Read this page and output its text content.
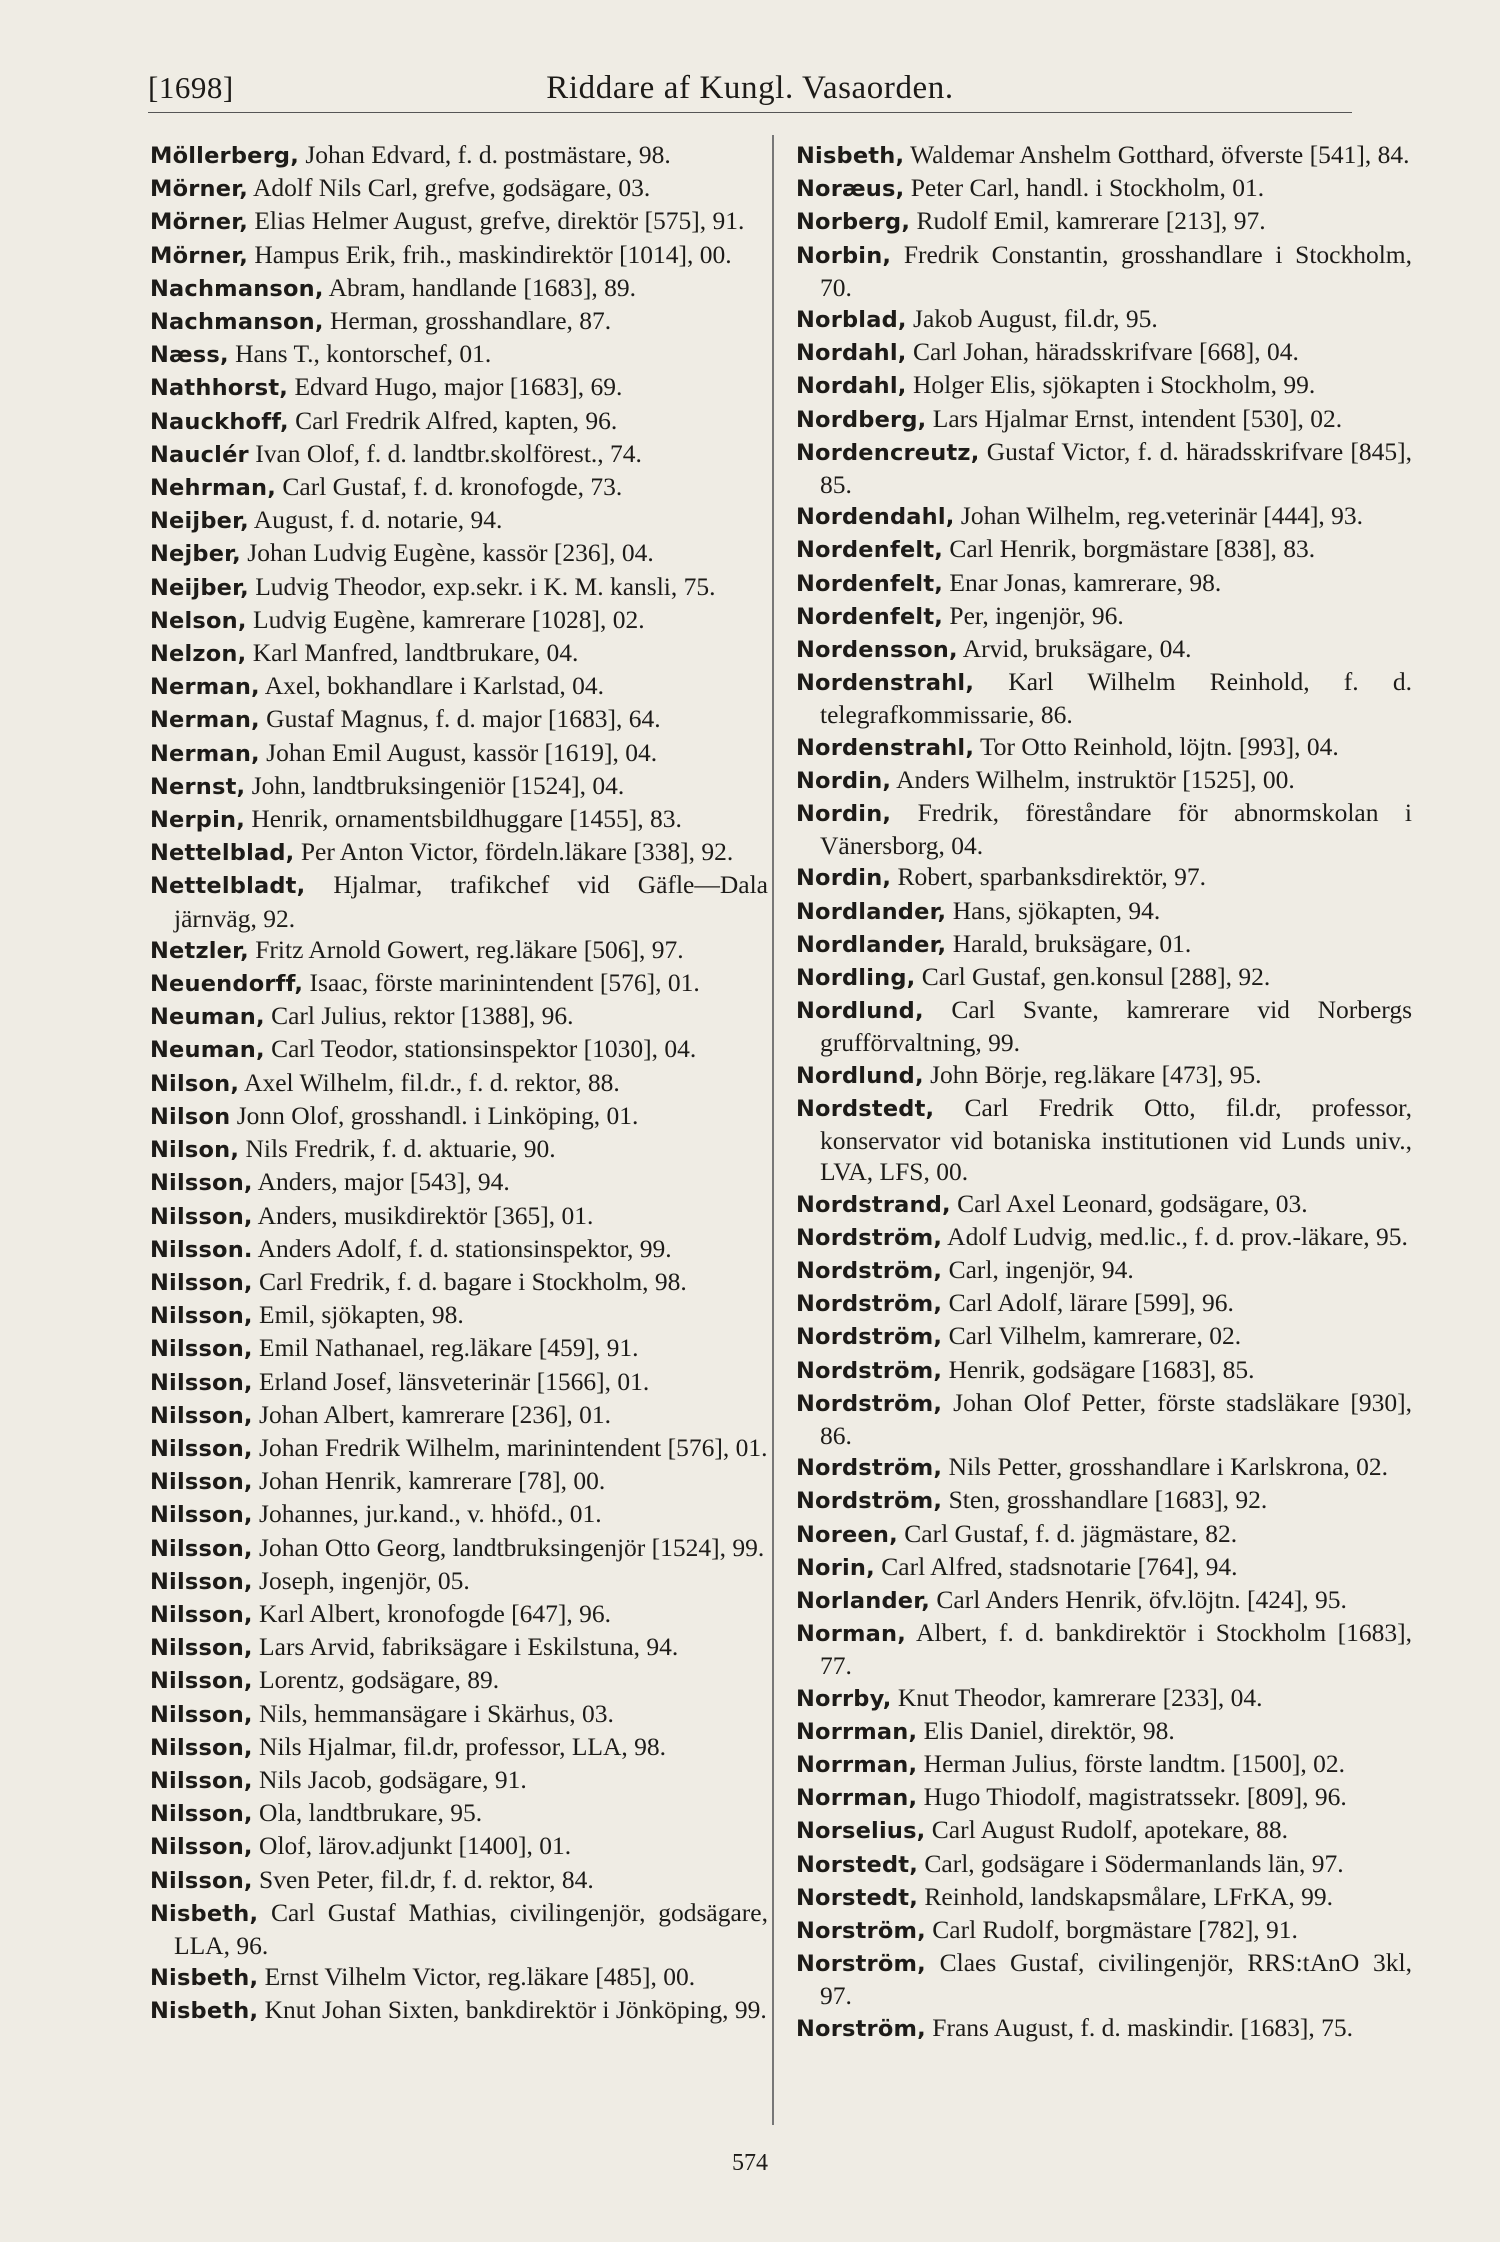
[1698]	Riddare af Kungl. Vasaorden.

Möllerberg, Johan Edvard, f. d. postmästare, 98.

Mörner, Adolf Nils Carl, grefve, godsägare, 03.

Mörner, Elias Helmer August, grefve, direktör [575], 91.

Mörner, Hampus Erik, frih., maskindirektör [1014], 00.

Nachmanson, Abram, handlande [1683], 89.

Nachmanson, Herman, grosshandlare, 87.

Næss, Hans T., kontorschef, 01.

Nathhorst, Edvard Hugo, major [1683], 69.

Nauckhoff, Carl Fredrik Alfred, kapten, 96.

Nauclér Ivan Olof, f. d. landtbr.skolförest., 74.

Nehrman, Carl Gustaf, f. d. kronofogde, 73.

Neijber, August, f. d. notarie, 94.

Nejber, Johan Ludvig Eugène, kassör [236], 04.

Neijber, Ludvig Theodor, exp.sekr. i K. M. kansli, 75.

Nelson, Ludvig Eugène, kamrerare [1028], 02.

Nelzon, Karl Manfred, landtbrukare, 04.

Nerman, Axel, bokhandlare i Karlstad, 04.

Nerman, Gustaf Magnus, f. d. major [1683], 64.

Nerman, Johan Emil August, kassör [1619], 04.

Nernst, John, landtbruksingeniör [1524], 04.

Nerpin, Henrik, ornamentsbildhuggare [1455], 83.

Nettelblad, Per Anton Victor, fördeln.läkare [338], 92.

Nettelbladt, Hjalmar, trafikchef vid Gäfle—Dala järnväg, 92.

Netzler, Fritz Arnold Gowert, reg.läkare [506], 97.

Neuendorff, Isaac, förste marinintendent [576], 01.

Neuman, Carl Julius, rektor [1388], 96.

Neuman, Carl Teodor, stationsinspektor [1030], 04.

Nilson, Axel Wilhelm, fil.dr., f. d. rektor, 88.

Nilson Jonn Olof, grosshandl. i Linköping, 01.

Nilson, Nils Fredrik, f. d. aktuarie, 90.

Nilsson, Anders, major [543], 94.

Nilsson, Anders, musikdirektör [365], 01.

Nilsson. Anders Adolf, f. d. stationsinspektor, 99.

Nilsson, Carl Fredrik, f. d. bagare i Stockholm, 98.

Nilsson, Emil, sjökapten, 98.

Nilsson, Emil Nathanael, reg.läkare [459], 91.

Nilsson, Erland Josef, länsveterinär [1566], 01.

Nilsson, Johan Albert, kamrerare [236], 01.

Nilsson, Johan Fredrik Wilhelm, marinintendent [576], 01.

Nilsson, Johan Henrik, kamrerare [78], 00.

Nilsson, Johannes, jur.kand., v. hhöfd., 01.

Nilsson, Johan Otto Georg, landtbruksingenjör [1524], 99.

Nilsson, Joseph, ingenjör, 05.

Nilsson, Karl Albert, kronofogde [647], 96.

Nilsson, Lars Arvid, fabriksägare i Eskilstuna, 94.

Nilsson, Lorentz, godsägare, 89.

Nilsson, Nils, hemmansägare i Skärhus, 03.

Nilsson, Nils Hjalmar, fil.dr, professor, LLA, 98.

Nilsson, Nils Jacob, godsägare, 91.

Nilsson, Ola, landtbrukare, 95.

Nilsson, Olof, lärov.adjunkt [1400], 01.

Nilsson, Sven Peter, fil.dr, f. d. rektor, 84.

Nisbeth, Carl Gustaf Mathias, civilingenjör, godsägare, LLA, 96.

Nisbeth, Ernst Vilhelm Victor, reg.läkare [485], 00.

Nisbeth, Knut Johan Sixten, bankdirektör i Jönköping, 99.

Nisbeth, Waldemar Anshelm Gotthard, öfverste [541], 84.

Noræus, Peter Carl, handl. i Stockholm, 01.

Norberg, Rudolf Emil, kamrerare [213], 97.

Norbin, Fredrik Constantin, grosshandlare i Stockholm, 70.

Norblad, Jakob August, fil.dr, 95.

Nordahl, Carl Johan, häradsskrifvare [668], 04.

Nordahl, Holger Elis, sjökapten i Stockholm, 99.

Nordberg, Lars Hjalmar Ernst, intendent [530], 02.

Nordencreutz, Gustaf Victor, f. d. häradsskrifvare [845], 85.

Nordendahl, Johan Wilhelm, reg.veterinär [444], 93.

Nordenfelt, Carl Henrik, borgmästare [838], 83.

Nordenfelt, Enar Jonas, kamrerare, 98.

Nordenfelt, Per, ingenjör, 96.

Nordensson, Arvid, bruksägare, 04.

Nordenstrahl, Karl Wilhelm Reinhold, f. d. telegrafkommissarie, 86.

Nordenstrahl, Tor Otto Reinhold, löjtn. [993], 04.

Nordin, Anders Wilhelm, instruktör [1525], 00.

Nordin, Fredrik, föreståndare för abnormskolan i Vänersborg, 04.

Nordin, Robert, sparbanksdirektör, 97.

Nordlander, Hans, sjökapten, 94.

Nordlander, Harald, bruksägare, 01.

Nordling, Carl Gustaf, gen.konsul [288], 92.

Nordlund, Carl Svante, kamrerare vid Norbergs grufförvaltning, 99.

Nordlund, John Börje, reg.läkare [473], 95.

Nordstedt, Carl Fredrik Otto, fil.dr, professor, konservator vid botaniska institutionen vid Lunds univ., LVA, LFS, 00.

Nordstrand, Carl Axel Leonard, godsägare, 03.

Nordström, Adolf Ludvig, med.lic., f. d. prov.-läkare, 95.

Nordström, Carl, ingenjör, 94.

Nordström, Carl Adolf, lärare [599], 96.

Nordström, Carl Vilhelm, kamrerare, 02.

Nordström, Henrik, godsägare [1683], 85.

Nordström, Johan Olof Petter, förste stadsläkare [930], 86.

Nordström, Nils Petter, grosshandlare i Karlskrona, 02.

Nordström, Sten, grosshandlare [1683], 92.

Noreen, Carl Gustaf, f. d. jägmästare, 82.

Norin, Carl Alfred, stadsnotarie [764], 94.

Norlander, Carl Anders Henrik, öfv.löjtn. [424], 95.

Norman, Albert, f. d. bankdirektör i Stockholm [1683], 77.

Norrby, Knut Theodor, kamrerare [233], 04.

Norrman, Elis Daniel, direktör, 98.

Norrman, Herman Julius, förste landtm. [1500], 02.

Norrman, Hugo Thiodolf, magistratssekr. [809], 96.

Norselius, Carl August Rudolf, apotekare, 88.

Norstedt, Carl, godsägare i Södermanlands län, 97.

Norstedt, Reinhold, landskapsmålare, LFrKA, 99.

Norström, Carl Rudolf, borgmästare [782], 91.

Norström, Claes Gustaf, civilingenjör, RRS:tAnO 3kl, 97.

Norström, Frans August, f. d. maskindir. [1683], 75.

574
